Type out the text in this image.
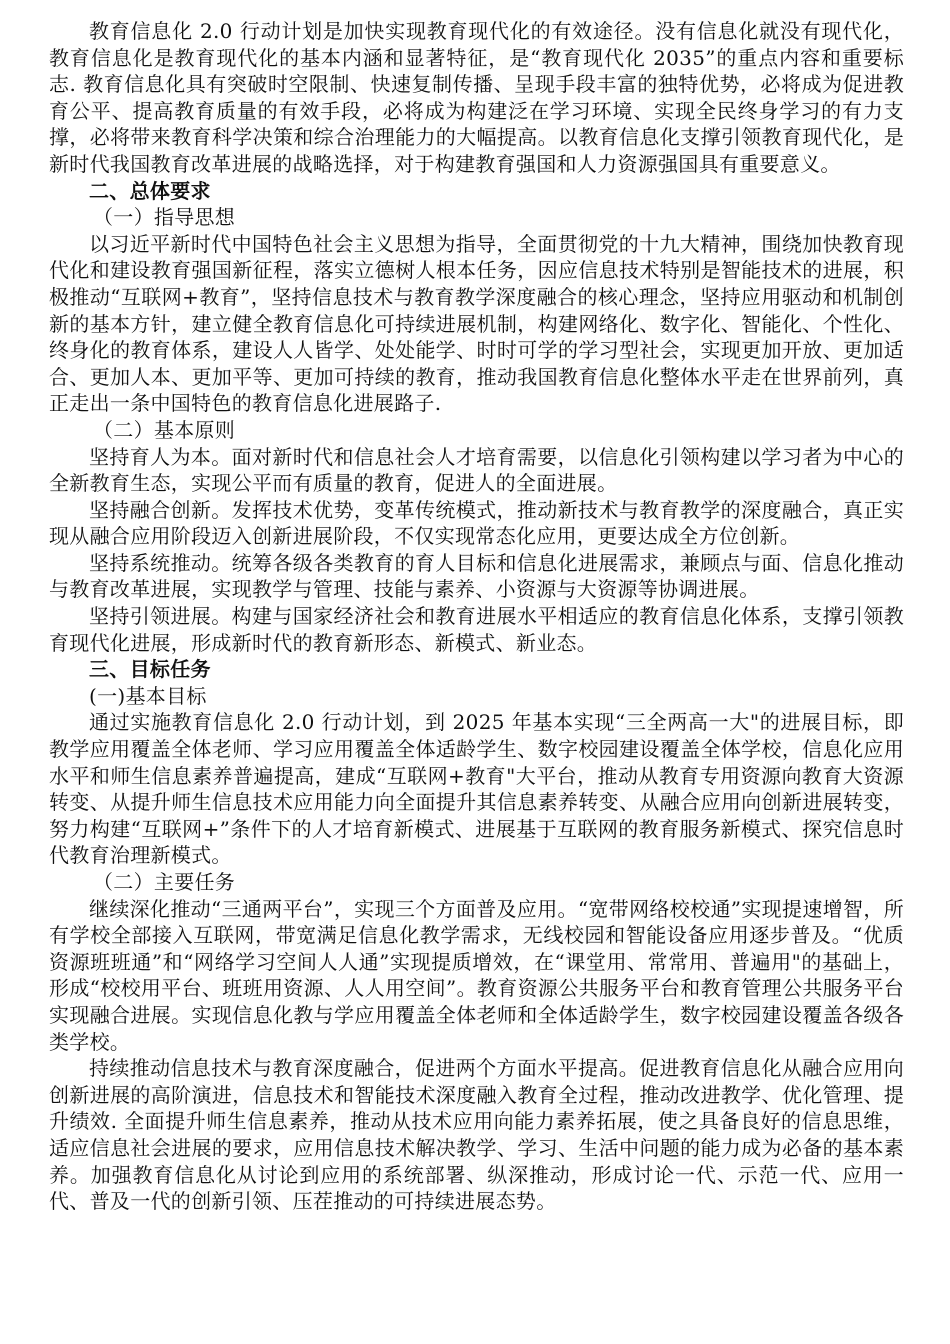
教育信息化 2.0 行动计划是加快实现教育现代化的有效途径。没有信息化就没有现代化，教育信息化是教育现代化的基本内涵和显著特征，是“教育现代化 2035”的重点内容和重要标志. 教育信息化具有突破时空限制、快速复制传播、呈现手段丰富的独特优势，必将成为促进教育公平、提高教育质量的有效手段，必将成为构建泛在学习环境、实现全民终身学习的有力支撑，必将带来教育科学决策和综合治理能力的大幅提高。以教育信息化支撑引领教育现代化，是新时代我国教育改革进展的战略选择，对于构建教育强国和人力资源强国具有重要意义。

二、总体要求

（一）指导思想

以习近平新时代中国特色社会主义思想为指导，全面贯彻党的十九大精神，围绕加快教育现代化和建设教育强国新征程，落实立德树人根本任务，因应信息技术特别是智能技术的进展，积极推动“互联网+教育”，坚持信息技术与教育教学深度融合的核心理念，坚持应用驱动和机制创新的基本方针，建立健全教育信息化可持续进展机制，构建网络化、数字化、智能化、个性化、终身化的教育体系，建设人人皆学、处处能学、时时可学的学习型社会，实现更加开放、更加适合、更加人本、更加平等、更加可持续的教育，推动我国教育信息化整体水平走在世界前列，真正走出一条中国特色的教育信息化进展路子.

（二）基本原则

坚持育人为本。面对新时代和信息社会人才培育需要，以信息化引领构建以学习者为中心的全新教育生态，实现公平而有质量的教育，促进人的全面进展。

坚持融合创新。发挥技术优势，变革传统模式，推动新技术与教育教学的深度融合，真正实现从融合应用阶段迈入创新进展阶段，不仅实现常态化应用，更要达成全方位创新。

坚持系统推动。统筹各级各类教育的育人目标和信息化进展需求，兼顾点与面、信息化推动与教育改革进展，实现教学与管理、技能与素养、小资源与大资源等协调进展。

坚持引领进展。构建与国家经济社会和教育进展水平相适应的教育信息化体系，支撑引领教育现代化进展，形成新时代的教育新形态、新模式、新业态。

三、目标任务

(一)基本目标

通过实施教育信息化 2.0 行动计划，到 2025 年基本实现“三全两高一大"的进展目标，即教学应用覆盖全体老师、学习应用覆盖全体适龄学生、数字校园建设覆盖全体学校，信息化应用水平和师生信息素养普遍提高，建成“互联网+教育"大平台，推动从教育专用资源向教育大资源转变、从提升师生信息技术应用能力向全面提升其信息素养转变、从融合应用向创新进展转变，努力构建“互联网+”条件下的人才培育新模式、进展基于互联网的教育服务新模式、探究信息时代教育治理新模式。

（二）主要任务

继续深化推动“三通两平台”，实现三个方面普及应用。“宽带网络校校通”实现提速增智，所有学校全部接入互联网，带宽满足信息化教学需求，无线校园和智能设备应用逐步普及。“优质资源班班通”和“网络学习空间人人通”实现提质增效，在“课堂用、常常用、普遍用"的基础上，形成“校校用平台、班班用资源、人人用空间”。教育资源公共服务平台和教育管理公共服务平台实现融合进展。实现信息化教与学应用覆盖全体老师和全体适龄学生，数字校园建设覆盖各级各类学校。

持续推动信息技术与教育深度融合，促进两个方面水平提高。促进教育信息化从融合应用向创新进展的高阶演进，信息技术和智能技术深度融入教育全过程，推动改进教学、优化管理、提升绩效. 全面提升师生信息素养，推动从技术应用向能力素养拓展，使之具备良好的信息思维，适应信息社会进展的要求，应用信息技术解决教学、学习、生活中问题的能力成为必备的基本素养。加强教育信息化从讨论到应用的系统部署、纵深推动，形成讨论一代、示范一代、应用一代、普及一代的创新引领、压茬推动的可持续进展态势。
